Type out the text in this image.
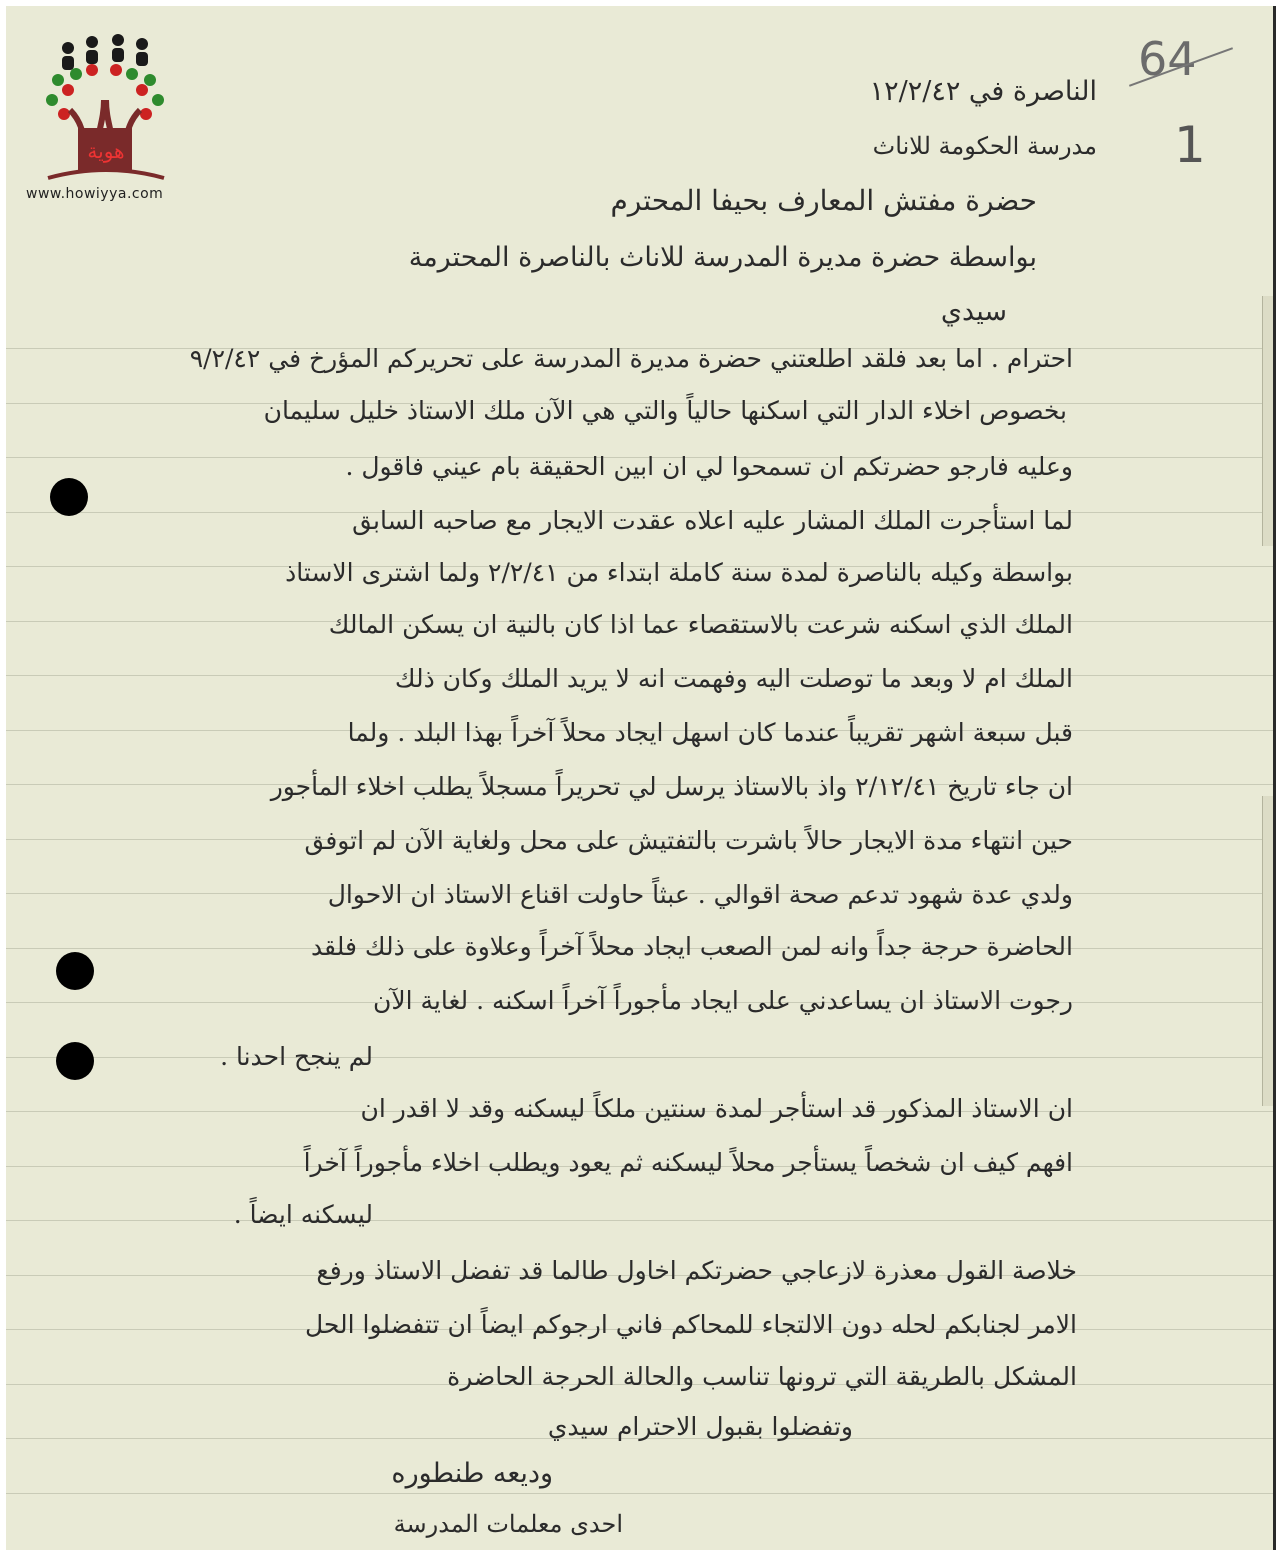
هوية
www.howiyya.com
64
1
الناصرة في ١٢/٢/٤٢
مدرسة الحكومة للاناث
حضرة مفتش المعارف بحيفا المحترم
بواسطة حضرة مديرة المدرسة للاناث بالناصرة المحترمة
سيدي
احترام . اما بعد فلقد اطلعتني حضرة مديرة المدرسة على تحريركم المؤرخ في ٩/٢/٤٢
بخصوص اخلاء الدار التي اسكنها حالياً والتي هي الآن ملك الاستاذ خليل سليمان
وعليه فارجو حضرتكم ان تسمحوا لي ان ابين الحقيقة بام عيني فاقول .
لما استأجرت الملك المشار عليه اعلاه عقدت الايجار مع صاحبه السابق
بواسطة وكيله بالناصرة لمدة سنة كاملة ابتداء من ٢/٢/٤١ ولما اشترى الاستاذ
الملك الذي اسكنه شرعت بالاستقصاء عما اذا كان بالنية ان يسكن المالك
الملك ام لا وبعد ما توصلت اليه وفهمت انه لا يريد الملك وكان ذلك
قبل سبعة اشهر تقريباً عندما كان اسهل ايجاد محلاً آخراً بهذا البلد . ولما
ان جاء تاريخ ٢/١٢/٤١ واذ بالاستاذ يرسل لي تحريراً مسجلاً يطلب اخلاء المأجور
حين انتهاء مدة الايجار حالاً باشرت بالتفتيش على محل ولغاية الآن لم اتوفق
ولدي عدة شهود تدعم صحة اقوالي . عبثاً حاولت اقناع الاستاذ ان الاحوال
الحاضرة حرجة جداً وانه لمن الصعب ايجاد محلاً آخراً وعلاوة على ذلك فلقد
رجوت الاستاذ ان يساعدني على ايجاد مأجوراً آخراً اسكنه . لغاية الآن
لم ينجح احدنا .
ان الاستاذ المذكور قد استأجر لمدة سنتين ملكاً ليسكنه وقد لا اقدر ان
افهم كيف ان شخصاً يستأجر محلاً ليسكنه ثم يعود ويطلب اخلاء مأجوراً آخراً
ليسكنه ايضاً .
خلاصة القول معذرة لازعاجي حضرتكم اخاول طالما قد تفضل الاستاذ ورفع
الامر لجنابكم لحله دون الالتجاء للمحاكم فاني ارجوكم ايضاً ان تتفضلوا الحل
المشكل بالطريقة التي ترونها تناسب والحالة الحرجة الحاضرة
وتفضلوا بقبول الاحترام سيدي
وديعه طنطوره
احدى معلمات المدرسة
